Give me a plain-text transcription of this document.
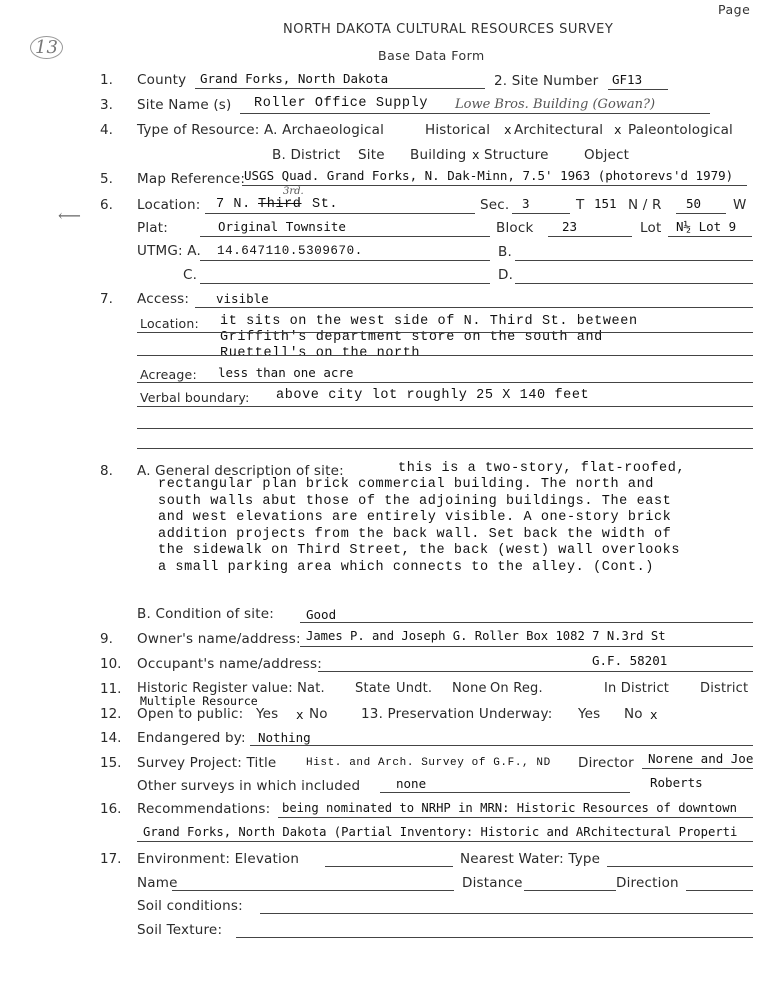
Page
NORTH DAKOTA CULTURAL RESOURCES SURVEY
Base Data Form
13
1. County Grand Forks, North Dakota	2. Site Number GF13
3. Site Name (s) Roller Office Supply Lowe Bros. Building (Gowan?)
4. Type of Resource: A. Archaeological	Historical x Architectural x Paleontological
B. District Site Building x Structure	Object
5. Map Reference:
USGS Quad. Grand Forks, N. Dak-Minn, 7.5' 1963 (photorevs'd 1979)
6.
⟵
Location: 7 N. Third St.
3rd.
Sec. 3	T 151 N / R 50 W
Plat:	Original Townsite	Block 23	Lot N½ Lot 9
UTMG: A. 14.647110.5309670.	B.
C.	D.
7. Access: visible
Location: it sits on the west side of N. Third St. between
Griffith's department store on the south and
Ruettell's on the north
Acreage: less than one acre
Verbal boundary: above city lot roughly 25 X 140 feet
8. A. General description of site:	this is a two-story, flat-roofed,
rectangular plan brick commercial building. The north and
south walls abut those of the adjoining buildings. The east
and west elevations are entirely visible. A one-story brick
addition projects from the back wall. Set back the width of
the sidewalk on Third Street, the back (west) wall overlooks
a small parking area which connects to the alley. (Cont.)
B. Condition of site:	Good
9. Owner's name/address: James P. and Joseph G. Roller Box 1082 7 N.3rd St
10. Occupant's name/address:	G.F. 58201
11. Historic Register value: Nat. State Undt. None On Reg.	In District District
Multiple Resource
12. Open to public: Yes x No 13. Preservation Underway: Yes No x
14. Endangered by: Nothing
15. Survey Project: Title	Hist. and Arch. Survey of G.F., ND Director Norene and Joe
Roberts
Other surveys in which included	none
16. Recommendations: being nominated to NRHP in MRN: Historic Resources of downtown
Grand Forks, North Dakota (Partial Inventory: Historic and ARchitectural Properti
17. Environment: Elevation	Nearest Water: Type
Name	Distance	Direction
Soil conditions:
Soil Texture:
